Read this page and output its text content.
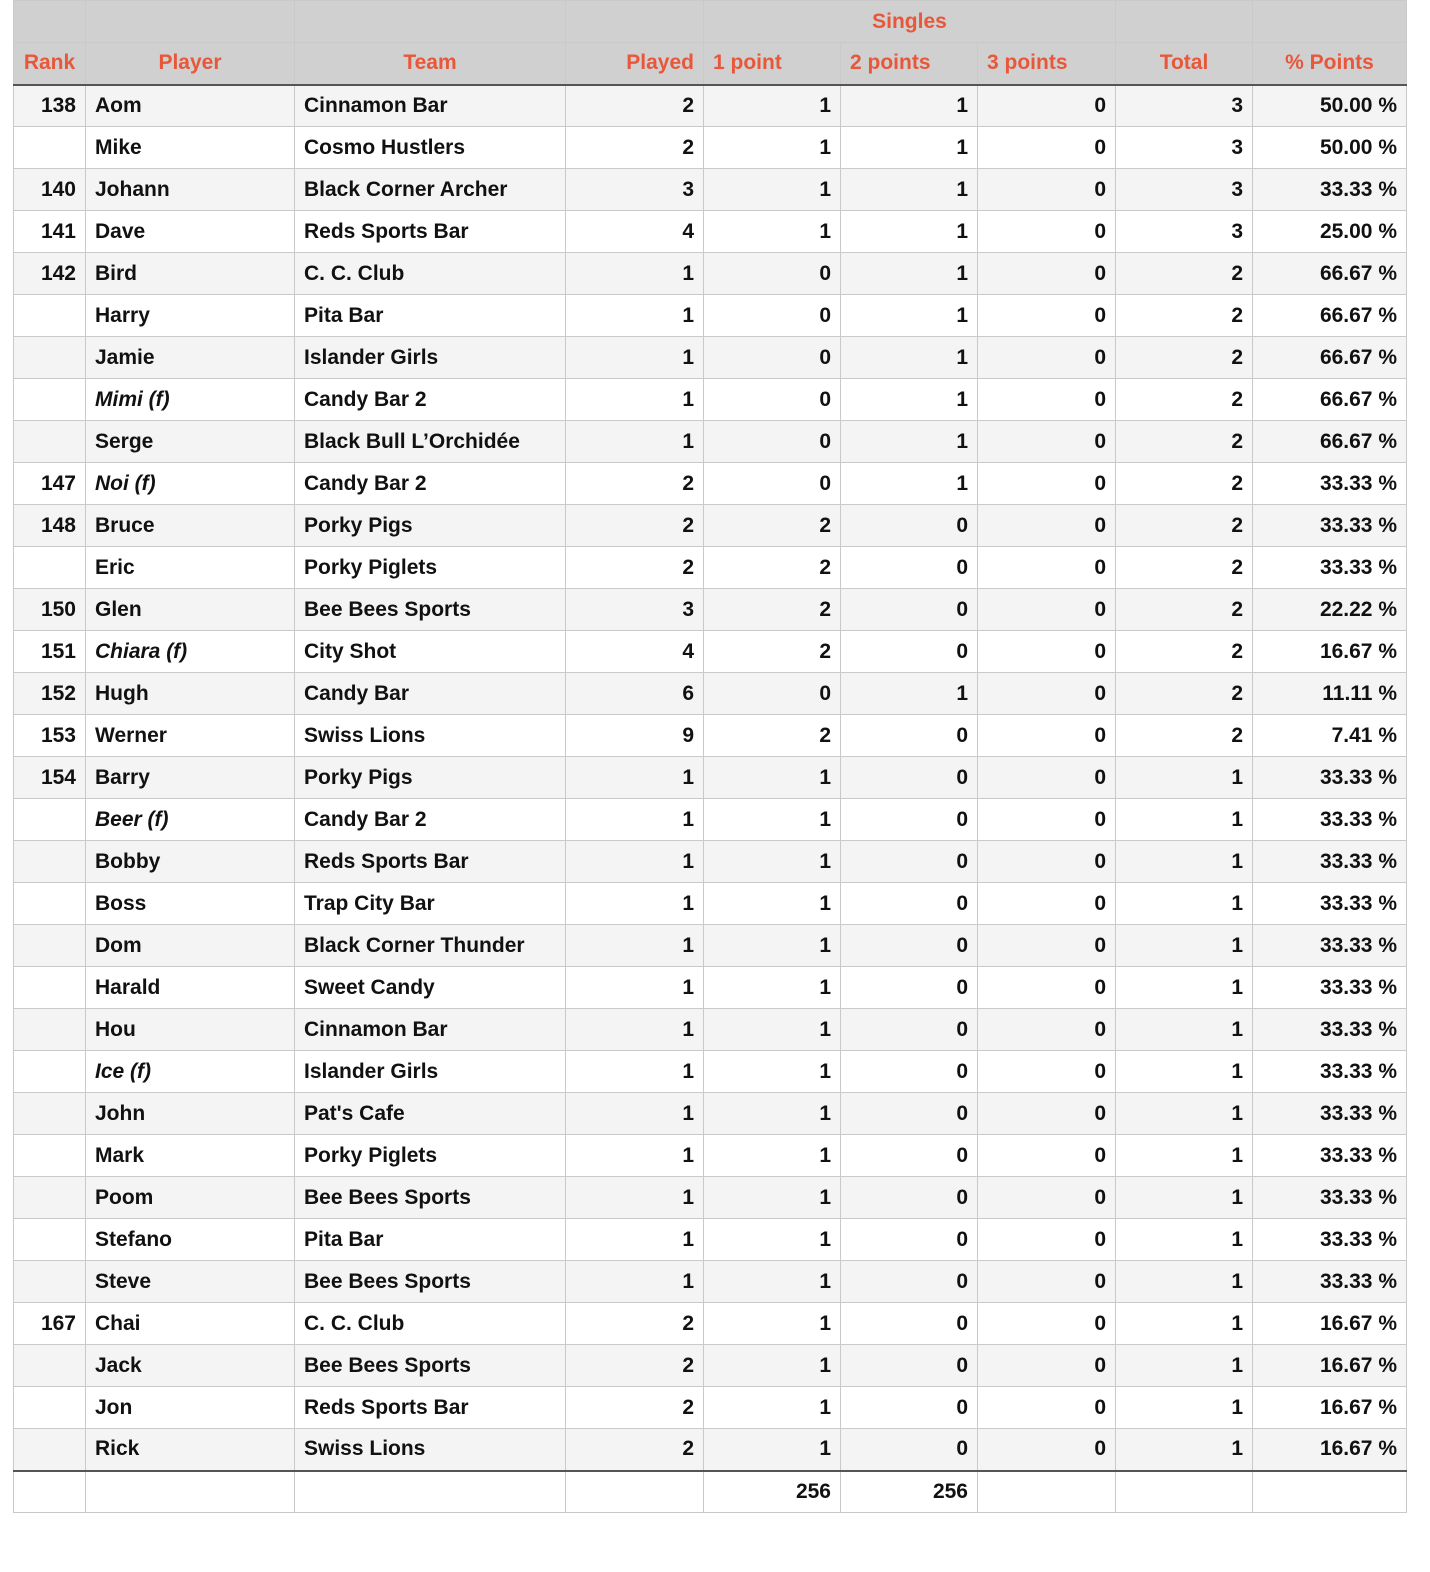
				Singles				
Rank	Player	Team	Played	1 point	2 points	3 points	Total	% Points
138	Aom	Cinnamon Bar	2	1	1	0	3	50.00 %
	Mike	Cosmo Hustlers	2	1	1	0	3	50.00 %
140	Johann	Black Corner Archer	3	1	1	0	3	33.33 %
141	Dave	Reds Sports Bar	4	1	1	0	3	25.00 %
142	Bird	C. C. Club	1	0	1	0	2	66.67 %
	Harry	Pita Bar	1	0	1	0	2	66.67 %
	Jamie	Islander Girls	1	0	1	0	2	66.67 %
	Mimi (f)	Candy Bar 2	1	0	1	0	2	66.67 %
	Serge	Black Bull L’Orchidée	1	0	1	0	2	66.67 %
147	Noi (f)	Candy Bar 2	2	0	1	0	2	33.33 %
148	Bruce	Porky Pigs	2	2	0	0	2	33.33 %
	Eric	Porky Piglets	2	2	0	0	2	33.33 %
150	Glen	Bee Bees Sports	3	2	0	0	2	22.22 %
151	Chiara (f)	City Shot	4	2	0	0	2	16.67 %
152	Hugh	Candy Bar	6	0	1	0	2	11.11 %
153	Werner	Swiss Lions	9	2	0	0	2	7.41 %
154	Barry	Porky Pigs	1	1	0	0	1	33.33 %
	Beer (f)	Candy Bar 2	1	1	0	0	1	33.33 %
	Bobby	Reds Sports Bar	1	1	0	0	1	33.33 %
	Boss	Trap City Bar	1	1	0	0	1	33.33 %
	Dom	Black Corner Thunder	1	1	0	0	1	33.33 %
	Harald	Sweet Candy	1	1	0	0	1	33.33 %
	Hou	Cinnamon Bar	1	1	0	0	1	33.33 %
	Ice (f)	Islander Girls	1	1	0	0	1	33.33 %
	John	Pat's Cafe	1	1	0	0	1	33.33 %
	Mark	Porky Piglets	1	1	0	0	1	33.33 %
	Poom	Bee Bees Sports	1	1	0	0	1	33.33 %
	Stefano	Pita Bar	1	1	0	0	1	33.33 %
	Steve	Bee Bees Sports	1	1	0	0	1	33.33 %
167	Chai	C. C. Club	2	1	0	0	1	16.67 %
	Jack	Bee Bees Sports	2	1	0	0	1	16.67 %
	Jon	Reds Sports Bar	2	1	0	0	1	16.67 %
	Rick	Swiss Lions	2	1	0	0	1	16.67 %
				256	256			
